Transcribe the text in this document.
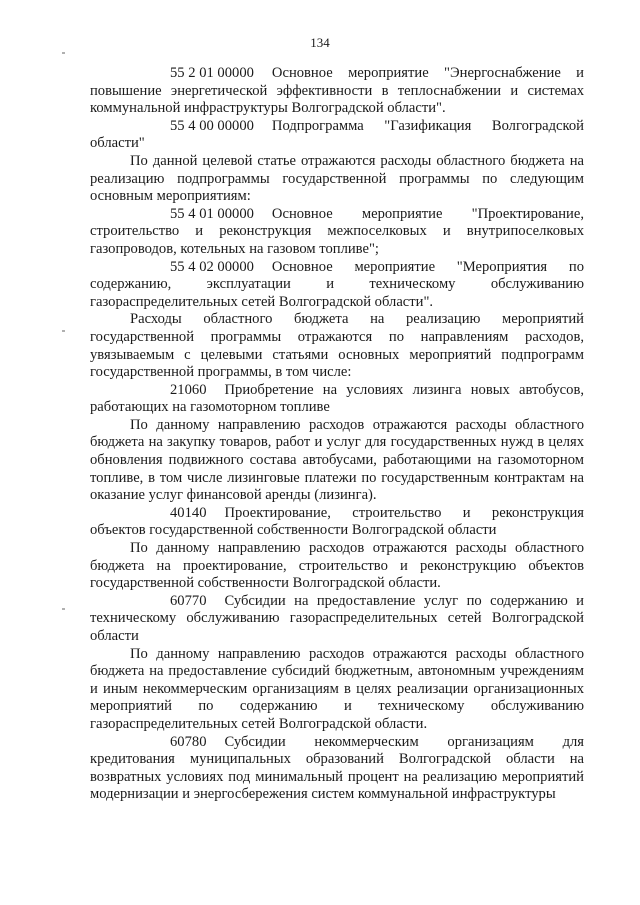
134

55 2 01 00000 Основное мероприятие "Энергоснабжение и повышение энергетической эффективности в теплоснабжении и системах коммунальной инфраструктуры Волгоградской области".

55 4 00 00000 Подпрограмма "Газификация Волгоградской области"

По данной целевой статье отражаются расходы областного бюджета на реализацию подпрограммы государственной программы по следующим основным мероприятиям:

55 4 01 00000 Основное мероприятие "Проектирование, строительство и реконструкция межпоселковых и внутрипоселковых газопроводов, котельных на газовом топливе";

55 4 02 00000 Основное мероприятие "Мероприятия по содержанию, эксплуатации и техническому обслуживанию газораспределительных сетей Волгоградской области".

Расходы областного бюджета на реализацию мероприятий государственной программы отражаются по направлениям расходов, увязываемым с целевыми статьями основных мероприятий подпрограмм государственной программы, в том числе:

21060 Приобретение на условиях лизинга новых автобусов, работающих на газомоторном топливе

По данному направлению расходов отражаются расходы областного бюджета на закупку товаров, работ и услуг для государственных нужд в целях обновления подвижного состава автобусами, работающими на газомоторном топливе, в том числе лизинговые платежи по государственным контрактам на оказание услуг финансовой аренды (лизинга).

40140 Проектирование, строительство и реконструкция объектов государственной собственности Волгоградской области

По данному направлению расходов отражаются расходы областного бюджета на проектирование, строительство и реконструкцию объектов государственной собственности Волгоградской области.

60770 Субсидии на предоставление услуг по содержанию и техническому обслуживанию газораспределительных сетей Волгоградской области

По данному направлению расходов отражаются расходы областного бюджета на предоставление субсидий бюджетным, автономным учреждениям и иным некоммерческим организациям в целях реализации организационных мероприятий по содержанию и техническому обслуживанию газораспределительных сетей Волгоградской области.

60780 Субсидии некоммерческим организациям для кредитования муниципальных образований Волгоградской области на возвратных условиях под минимальный процент на реализацию мероприятий модернизации и энергосбережения систем коммунальной инфраструктуры
